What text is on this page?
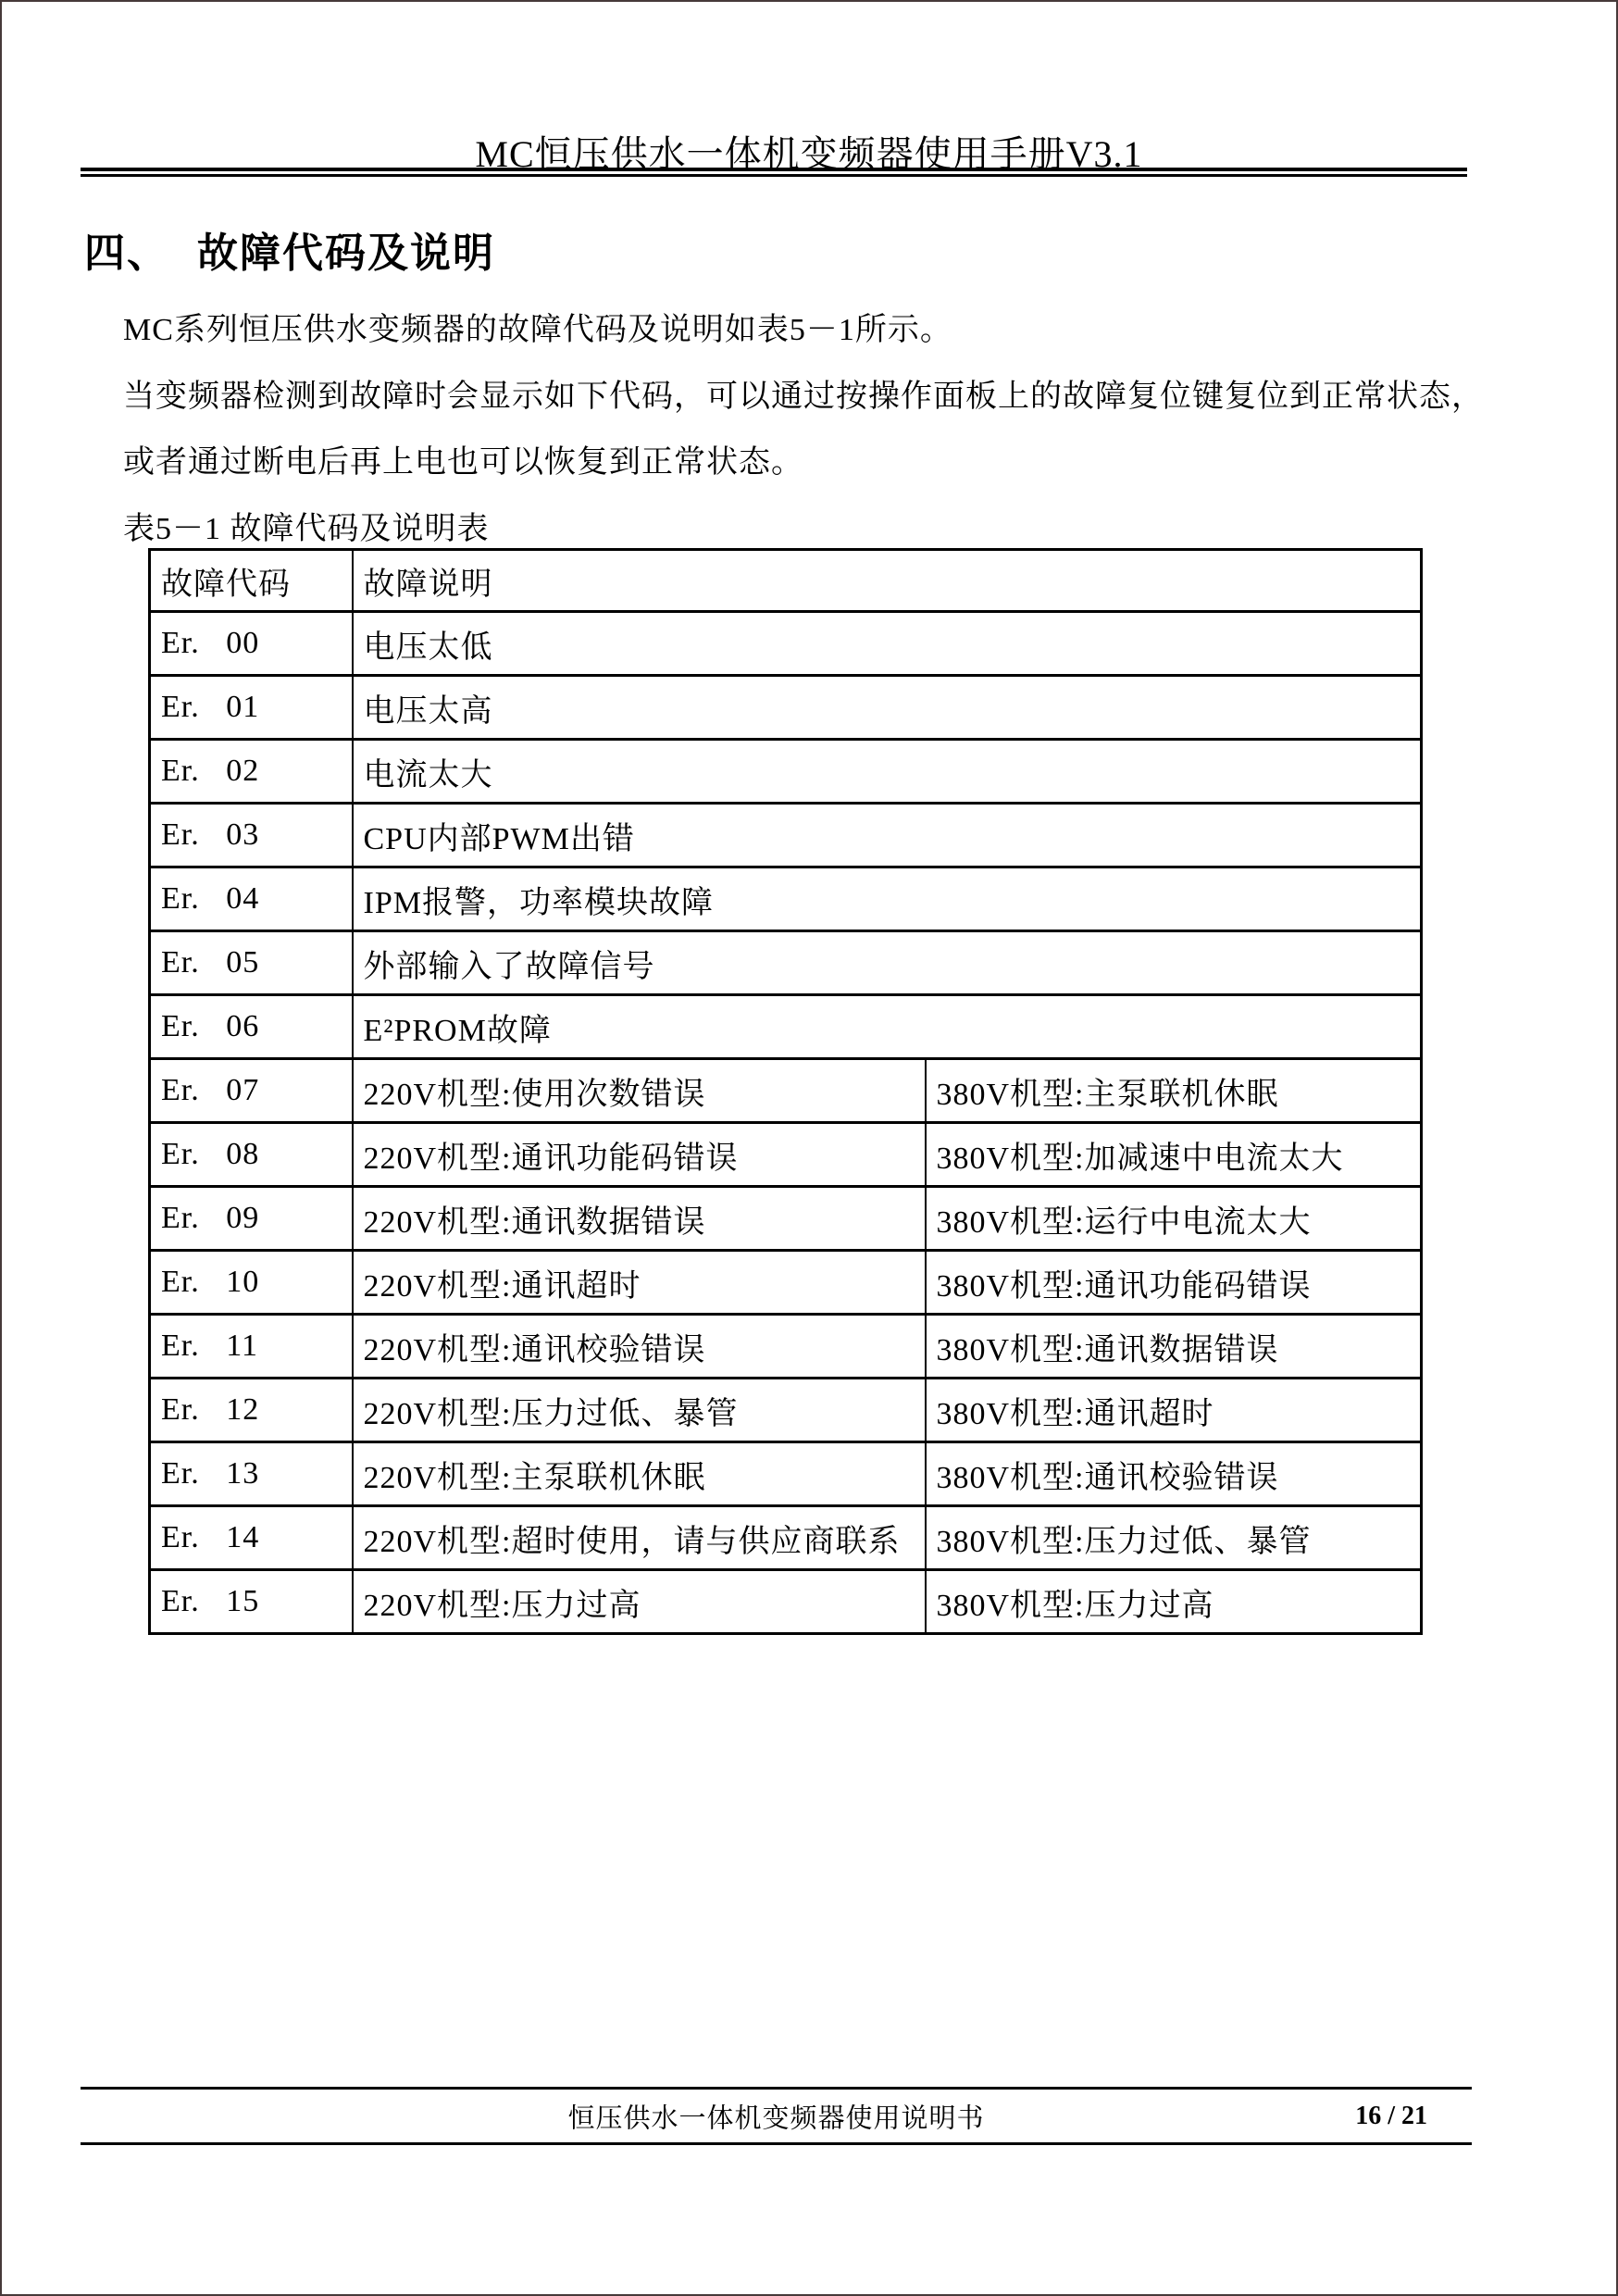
MC恒压供水一体机变频器使用手册V3.1
四、 故障代码及说明
MC系列恒压供水变频器的故障代码及说明如表5－1所示。
当变频器检测到故障时会显示如下代码，可以通过按操作面板上的故障复位键复位到正常状态，
或者通过断电后再上电也可以恢复到正常状态。
表5－1 故障代码及说明表
故障代码	故障说明	
Er.   00	电压太低	
Er.   01	电压太高	
Er.   02	电流太大	
Er.   03	CPU内部PWM出错	
Er.   04	IPM报警，功率模块故障	
Er.   05	外部输入了故障信号	
Er.   06	E²PROM故障	
Er.   07	220V机型:使用次数错误	380V机型:主泵联机休眠
Er.   08	220V机型:通讯功能码错误	380V机型:加减速中电流太大
Er.   09	220V机型:通讯数据错误	380V机型:运行中电流太大
Er.   10	220V机型:通讯超时	380V机型:通讯功能码错误
Er.   11	220V机型:通讯校验错误	380V机型:通讯数据错误
Er.   12	220V机型:压力过低、暴管	380V机型:通讯超时
Er.   13	220V机型:主泵联机休眠	380V机型:通讯校验错误
Er.   14	220V机型:超时使用，请与供应商联系	380V机型:压力过低、暴管
Er.   15	220V机型:压力过高	380V机型:压力过高
恒压供水一体机变频器使用说明书	16 / 21
